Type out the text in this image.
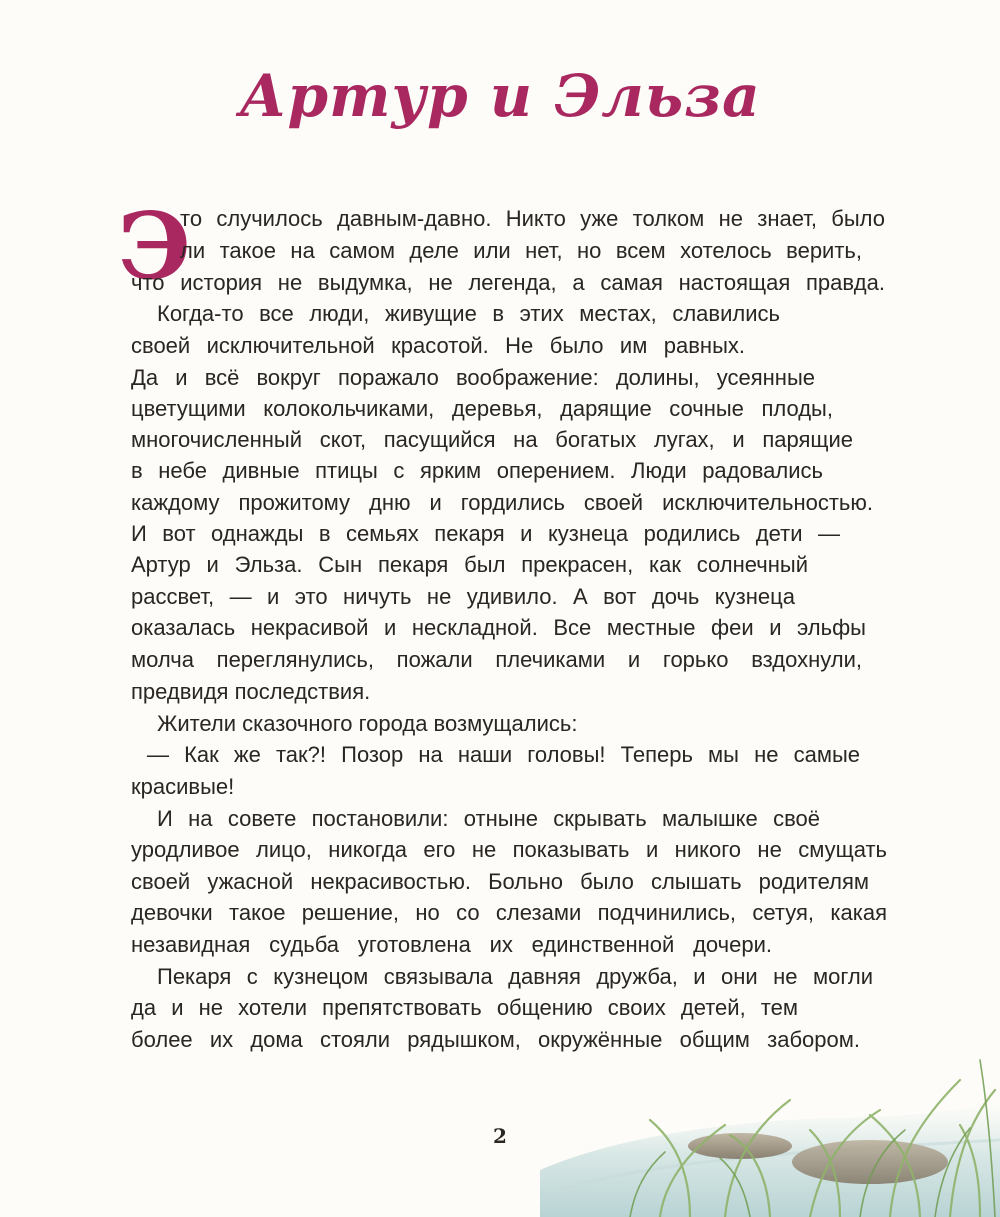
Артур и Эльза
Э
то случилось давным-давно. Никто уже толком не знает, было
ли такое на самом деле или нет, но всем хотелось верить,
что история не выдумка, не легенда, а самая настоящая правда.
Когда-то все люди, живущие в этих местах, славились
своей исключительной красотой. Не было им равных.
Да и всё вокруг поражало воображение: долины, усеянные
цветущими колокольчиками, деревья, дарящие сочные плоды,
многочисленный скот, пасущийся на богатых лугах, и парящие
в небе дивные птицы с ярким оперением. Люди радовались
каждому прожитому дню и гордились своей исключительностью.
И вот однажды в семьях пекаря и кузнеца родились дети —
Артур и Эльза. Сын пекаря был прекрасен, как солнечный
рассвет, — и это ничуть не удивило. А вот дочь кузнеца
оказалась некрасивой и нескладной. Все местные феи и эльфы
молча переглянулись, пожали плечиками и горько вздохнули,
предвидя последствия.
Жители сказочного города возмущались:
— Как же так?! Позор на наши головы! Теперь мы не самые
красивые!
И на совете постановили: отныне скрывать малышке своё
уродливое лицо, никогда его не показывать и никого не смущать
своей ужасной некрасивостью. Больно было слышать родителям
девочки такое решение, но со слезами подчинились, сетуя, какая
незавидная судьба уготовлена их единственной дочери.
Пекаря с кузнецом связывала давняя дружба, и они не могли
да и не хотели препятствовать общению своих детей, тем
более их дома стояли рядышком, окружённые общим забором.
2
